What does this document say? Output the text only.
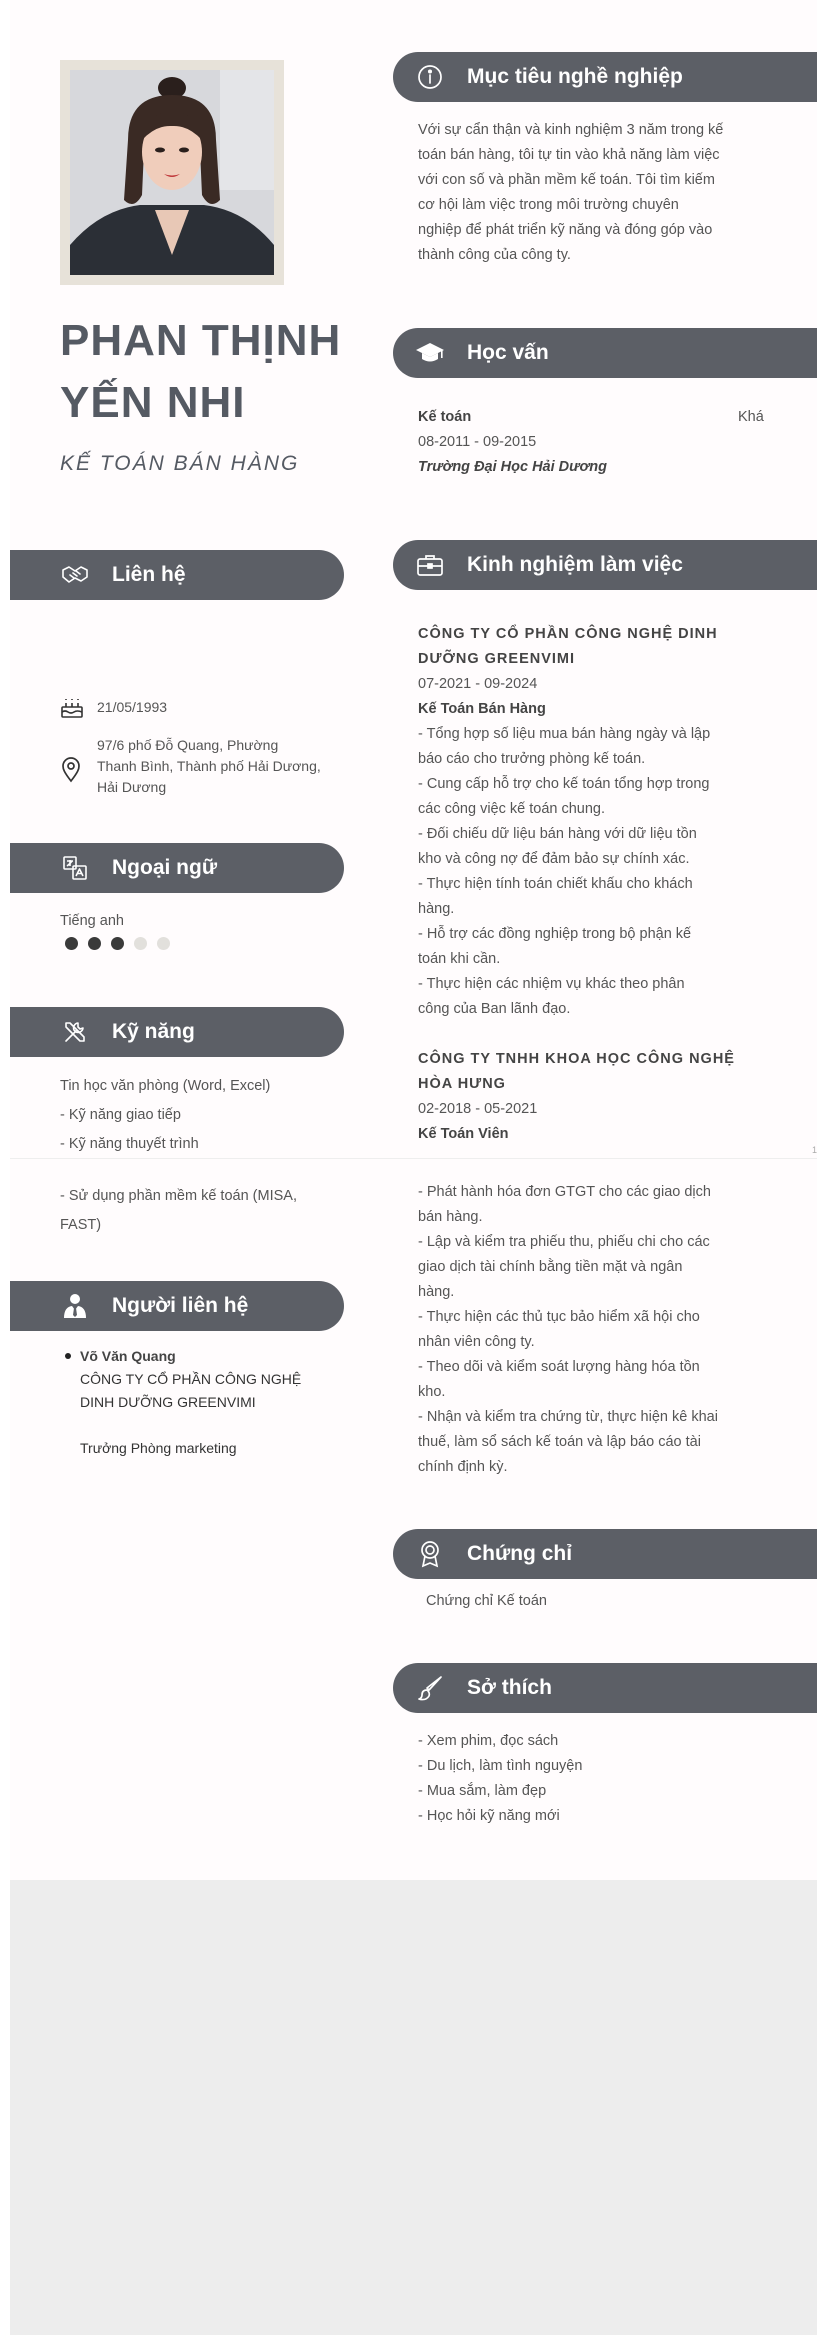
1
PHAN THỊNH
YẾN NHI
KẾ TOÁN BÁN HÀNG
Liên hệ
21/05/1993
97/6 phố Đỗ Quang, Phường
Thanh Bình, Thành phố Hải Dương,
Hải Dương
Ngoại ngữ
Tiếng anh
Kỹ năng
Tin học văn phòng (Word, Excel)
- Kỹ năng giao tiếp
- Kỹ năng thuyết trình
- Sử dụng phần mềm kế toán (MISA,
FAST)
Người liên hệ
Võ Văn Quang
CÔNG TY CỔ PHẦN CÔNG NGHỆ
DINH DƯỠNG GREENVIMI
Trưởng Phòng marketing
Mục tiêu nghề nghiệp
Với sự cẩn thận và kinh nghiệm 3 năm trong kế
toán bán hàng, tôi tự tin vào khả năng làm việc
với con số và phần mềm kế toán. Tôi tìm kiếm
cơ hội làm việc trong môi trường chuyên
nghiệp để phát triển kỹ năng và đóng góp vào
thành công của công ty.
Học vấn
Kế toán	Khá
08-2011 - 09-2015
Trường Đại Học Hải Dương
Kinh nghiệm làm việc
CÔNG TY CỔ PHẦN CÔNG NGHỆ DINH
DƯỠNG GREENVIMI
07-2021 - 09-2024
Kế Toán Bán Hàng
- Tổng hợp số liệu mua bán hàng ngày và lập
báo cáo cho trưởng phòng kế toán.
- Cung cấp hỗ trợ cho kế toán tổng hợp trong
các công việc kế toán chung.
- Đối chiếu dữ liệu bán hàng với dữ liệu tồn
kho và công nợ để đảm bảo sự chính xác.
- Thực hiện tính toán chiết khấu cho khách
hàng.
- Hỗ trợ các đồng nghiệp trong bộ phận kế
toán khi cần.
- Thực hiện các nhiệm vụ khác theo phân
công của Ban lãnh đạo.
CÔNG TY TNHH KHOA HỌC CÔNG NGHỆ
HÒA HƯNG
02-2018 - 05-2021
Kế Toán Viên
- Phát hành hóa đơn GTGT cho các giao dịch
bán hàng.
- Lập và kiểm tra phiếu thu, phiếu chi cho các
giao dịch tài chính bằng tiền mặt và ngân
hàng.
- Thực hiện các thủ tục bảo hiểm xã hội cho
nhân viên công ty.
- Theo dõi và kiểm soát lượng hàng hóa tồn
kho.
- Nhận và kiểm tra chứng từ, thực hiện kê khai
thuế, làm sổ sách kế toán và lập báo cáo tài
chính định kỳ.
Chứng chỉ
Chứng chỉ Kế toán
Sở thích
- Xem phim, đọc sách
- Du lịch, làm tình nguyện
- Mua sắm, làm đẹp
- Học hỏi kỹ năng mới
